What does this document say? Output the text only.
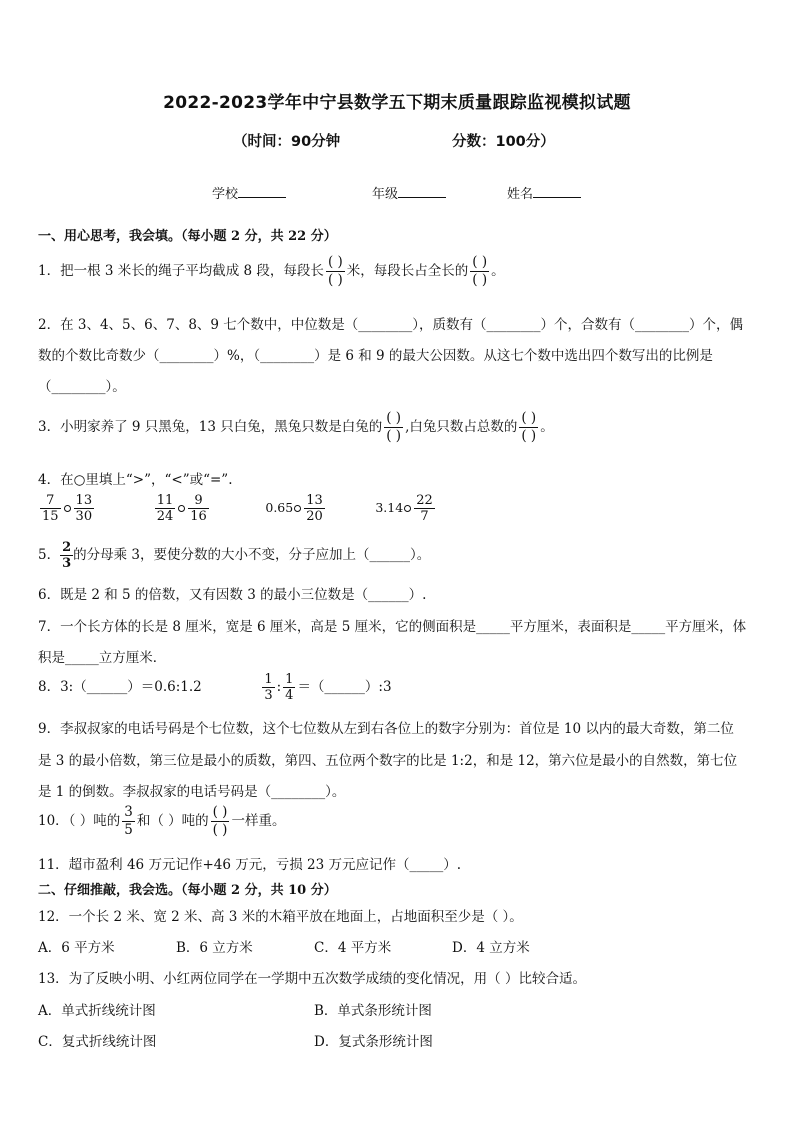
2022-2023学年中宁县数学五下期末质量跟踪监视模拟试题
（时间：90分钟	分数：100分）
学校	年级	姓名
一、用心思考，我会填。（每小题 2 分，共 22 分）
1．把一根 3 米长的绳子平均截成 8 段，每段长 $\frac{( )}{( )}$ 米，每段长占全长的 $\frac{( )}{( )}$ 。
2．在 3、4、5、6、7、8、9 七个数中，中位数是（________），质数有（________）个，合数有（________）个，偶
数的个数比奇数少（________）%，（________）是 6 和 9 的最大公因数。从这七个数中选出四个数写出的比例是
（________）。
3．小明家养了 9 只黑兔，13 只白兔，黑兔只数是白兔的 $\frac{( )}{( )}$ ,白兔只数占总数的 $\frac{( )}{( )}$ 。
4．在○里填上“>”，“<”或“=”.
$\frac{7}{15} \frac{13}{30}$
	$\frac{11}{24} \frac{9}{16}$	$0.65 \frac{13}{20}$	$3.14 \frac{22}{7}$
5． $\frac{2}{3}$ 的分母乘 3，要使分数的大小不变，分子应加上（______）。
6．既是 2 和 5 的倍数，又有因数 3 的最小三位数是（______）.
7．一个长方体的长是 8 厘米，宽是 6 厘米，高是 5 厘米，它的侧面积是_____平方厘米，表面积是_____平方厘米，体
积是_____立方厘米．
8．3:（______）＝0.6:1.2	$\frac{1}{3}$ : $\frac{1}{4}$ ＝（______）:3
9．李叔叔家的电话号码是个七位数，这个七位数从左到右各位上的数字分别为：首位是 10 以内的最大奇数，第二位
是 3 的最小倍数，第三位是最小的质数，第四、五位两个数字的比是 1:2，和是 12，第六位是最小的自然数，第七位
是 1 的倒数。李叔叔家的电话号码是（________）。
10．（ ）吨的 $\frac{3}{5}$ 和（ ）吨的 $\frac{( )}{( )}$ 一样重。
11．超市盈利 46 万元记作+46 万元，亏损 23 万元应记作（_____）.
二、仔细推敲，我会选。（每小题 2 分，共 10 分）
12．一个长 2 米、宽 2 米、高 3 米的木箱平放在地面上，占地面积至少是（ ）。
A．6 平方米	B．6 立方米	C．4 平方米	D．4 立方米
13．为了反映小明、小红两位同学在一学期中五次数学成绩的变化情况，用（ ）比较合适。
A．单式折线统计图	B．单式条形统计图
C．复式折线统计图	D．复式条形统计图
